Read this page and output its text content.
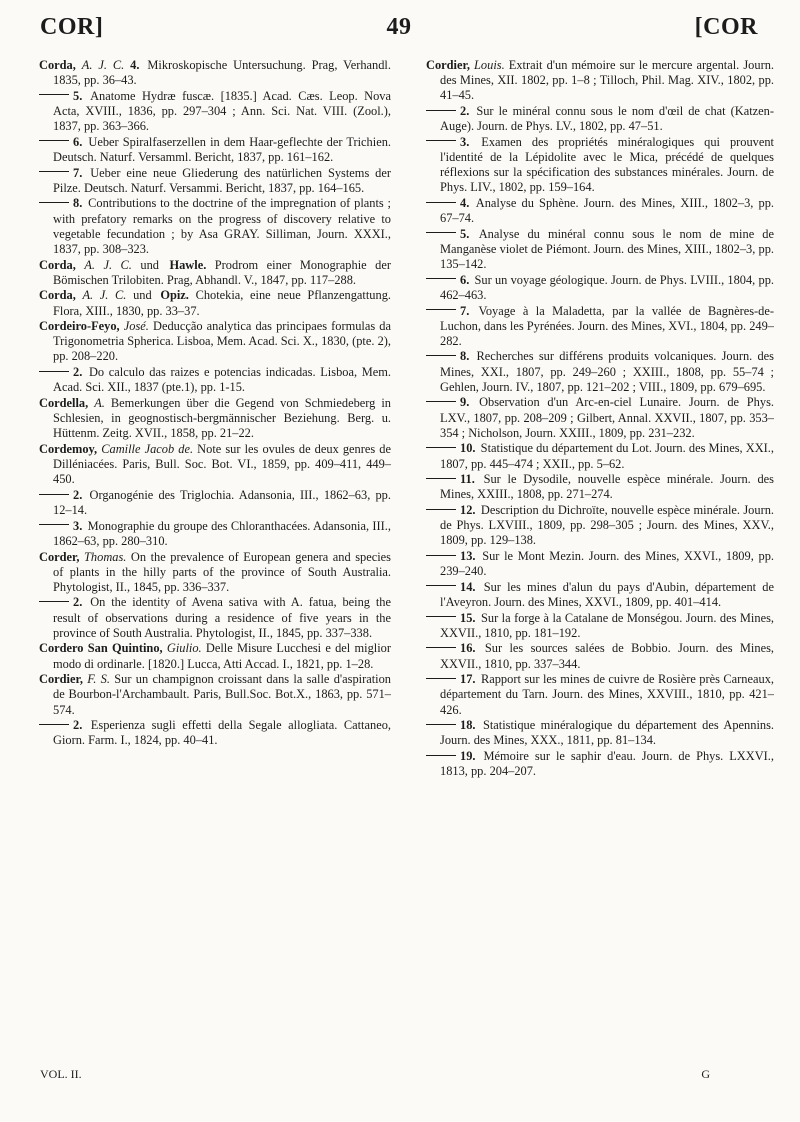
COR]	49	[COR
Corda, A. J. C. 4. Mikroskopische Untersuchung. Prag, Verhandl. 1835, pp. 36–43.
5. Anatome Hydræ fuscæ. [1835.] Acad. Cæs. Leop. Nova Acta, XVIII., 1836, pp. 297–304 ; Ann. Sci. Nat. VIII. (Zool.), 1837, pp. 363–366.
6. Ueber Spiralfaserzellen in dem Haar-geflechte der Trichien. Deutsch. Naturf. Versamml. Bericht, 1837, pp. 161–162.
7. Ueber eine neue Gliederung des natürlichen Systems der Pilze. Deutsch. Naturf. Versammi. Bericht, 1837, pp. 164–165.
8. Contributions to the doctrine of the impregnation of plants ; with prefatory remarks on the progress of discovery relative to vegetable fecundation ; by Asa GRAY. Silliman, Journ. XXXI., 1837, pp. 308–323.
Corda, A. J. C. und Hawle. Prodrom einer Monographie der Bömischen Trilobiten. Prag, Abhandl. V., 1847, pp. 117–288.
Corda, A. J. C. und Opiz. Chotekia, eine neue Pflanzengattung. Flora, XIII., 1830, pp. 33–37.
Cordeiro-Feyo, José. Deducção analytica das principaes formulas da Trigonometria Spherica. Lisboa, Mem. Acad. Sci. X., 1830, (pte. 2), pp. 208–220.
2. Do calculo das raizes e potencias indicadas. Lisboa, Mem. Acad. Sci. XII., 1837 (pte.1), pp. 1-15.
Cordella, A. Bemerkungen über die Gegend von Schmiedeberg in Schlesien, in geognostisch-bergmännischer Beziehung. Berg. u. Hüttenm. Zeitg. XVII., 1858, pp. 21–22.
Cordemoy, Camille Jacob de. Note sur les ovules de deux genres de Dilléniacées. Paris, Bull. Soc. Bot. VI., 1859, pp. 409–411, 449–450.
2. Organogénie des Triglochia. Adansonia, III., 1862–63, pp. 12–14.
3. Monographie du groupe des Chloranthacées. Adansonia, III., 1862–63, pp. 280–310.
Corder, Thomas. On the prevalence of European genera and species of plants in the hilly parts of the province of South Australia. Phytologist, II., 1845, pp. 336–337.
2. On the identity of Avena sativa with A. fatua, being the result of observations during a residence of five years in the province of South Australia. Phytologist, II., 1845, pp. 337–338.
Cordero San Quintino, Giulio. Delle Misure Lucchesi e del miglior modo di ordinarle. [1820.] Lucca, Atti Accad. I., 1821, pp. 1–28.
Cordier, F. S. Sur un champignon croissant dans la salle d'aspiration de Bourbon-l'Archambault. Paris, Bull.Soc. Bot.X., 1863, pp. 571–574.
2. Esperienza sugli effetti della Segale allogliata. Cattaneo, Giorn. Farm. I., 1824, pp. 40–41.
Cordier, Louis. Extrait d'un mémoire sur le mercure argental. Journ. des Mines, XII. 1802, pp. 1–8 ; Tilloch, Phil. Mag. XIV., 1802, pp. 41–45.
2. Sur le minéral connu sous le nom d'œil de chat (Katzen-Auge). Journ. de Phys. LV., 1802, pp. 47–51.
3. Examen des propriétés minéralogiques qui prouvent l'identité de la Lépidolite avec le Mica, précédé de quelques réflexions sur la spécification des substances minérales. Journ. de Phys. LIV., 1802, pp. 159–164.
4. Analyse du Sphène. Journ. des Mines, XIII., 1802–3, pp. 67–74.
5. Analyse du minéral connu sous le nom de mine de Manganèse violet de Piémont. Journ. des Mines, XIII., 1802–3, pp. 135–142.
6. Sur un voyage géologique. Journ. de Phys. LVIII., 1804, pp. 462–463.
7. Voyage à la Maladetta, par la vallée de Bagnères-de-Luchon, dans les Pyrénées. Journ. des Mines, XVI., 1804, pp. 249–282.
8. Recherches sur différens produits volcaniques. Journ. des Mines, XXI., 1807, pp. 249–260 ; XXIII., 1808, pp. 55–74 ; Gehlen, Journ. IV., 1807, pp. 121–202 ; VIII., 1809, pp. 679–695.
9. Observation d'un Arc-en-ciel Lunaire. Journ. de Phys. LXV., 1807, pp. 208–209 ; Gilbert, Annal. XXVII., 1807, pp. 353–354 ; Nicholson, Journ. XXIII., 1809, pp. 231–232.
10. Statistique du département du Lot. Journ. des Mines, XXI., 1807, pp. 445–474 ; XXII., pp. 5–62.
11. Sur le Dysodile, nouvelle espèce minérale. Journ. des Mines, XXIII., 1808, pp. 271–274.
12. Description du Dichroïte, nouvelle espèce minérale. Journ. de Phys. LXVIII., 1809, pp. 298–305 ; Journ. des Mines, XXV., 1809, pp. 129–138.
13. Sur le Mont Mezin. Journ. des Mines, XXVI., 1809, pp. 239–240.
14. Sur les mines d'alun du pays d'Aubin, département de l'Aveyron. Journ. des Mines, XXVI., 1809, pp. 401–414.
15. Sur la forge à la Catalane de Monségou. Journ. des Mines, XXVII., 1810, pp. 181–192.
16. Sur les sources salées de Bobbio. Journ. des Mines, XXVII., 1810, pp. 337–344.
17. Rapport sur les mines de cuivre de Rosière près Carneaux, département du Tarn. Journ. des Mines, XXVIII., 1810, pp. 421–426.
18. Statistique minéralogique du département des Apennins. Journ. des Mines, XXX., 1811, pp. 81–134.
19. Mémoire sur le saphir d'eau. Journ. de Phys. LXXVI., 1813, pp. 204–207.
VOL. II.	G
